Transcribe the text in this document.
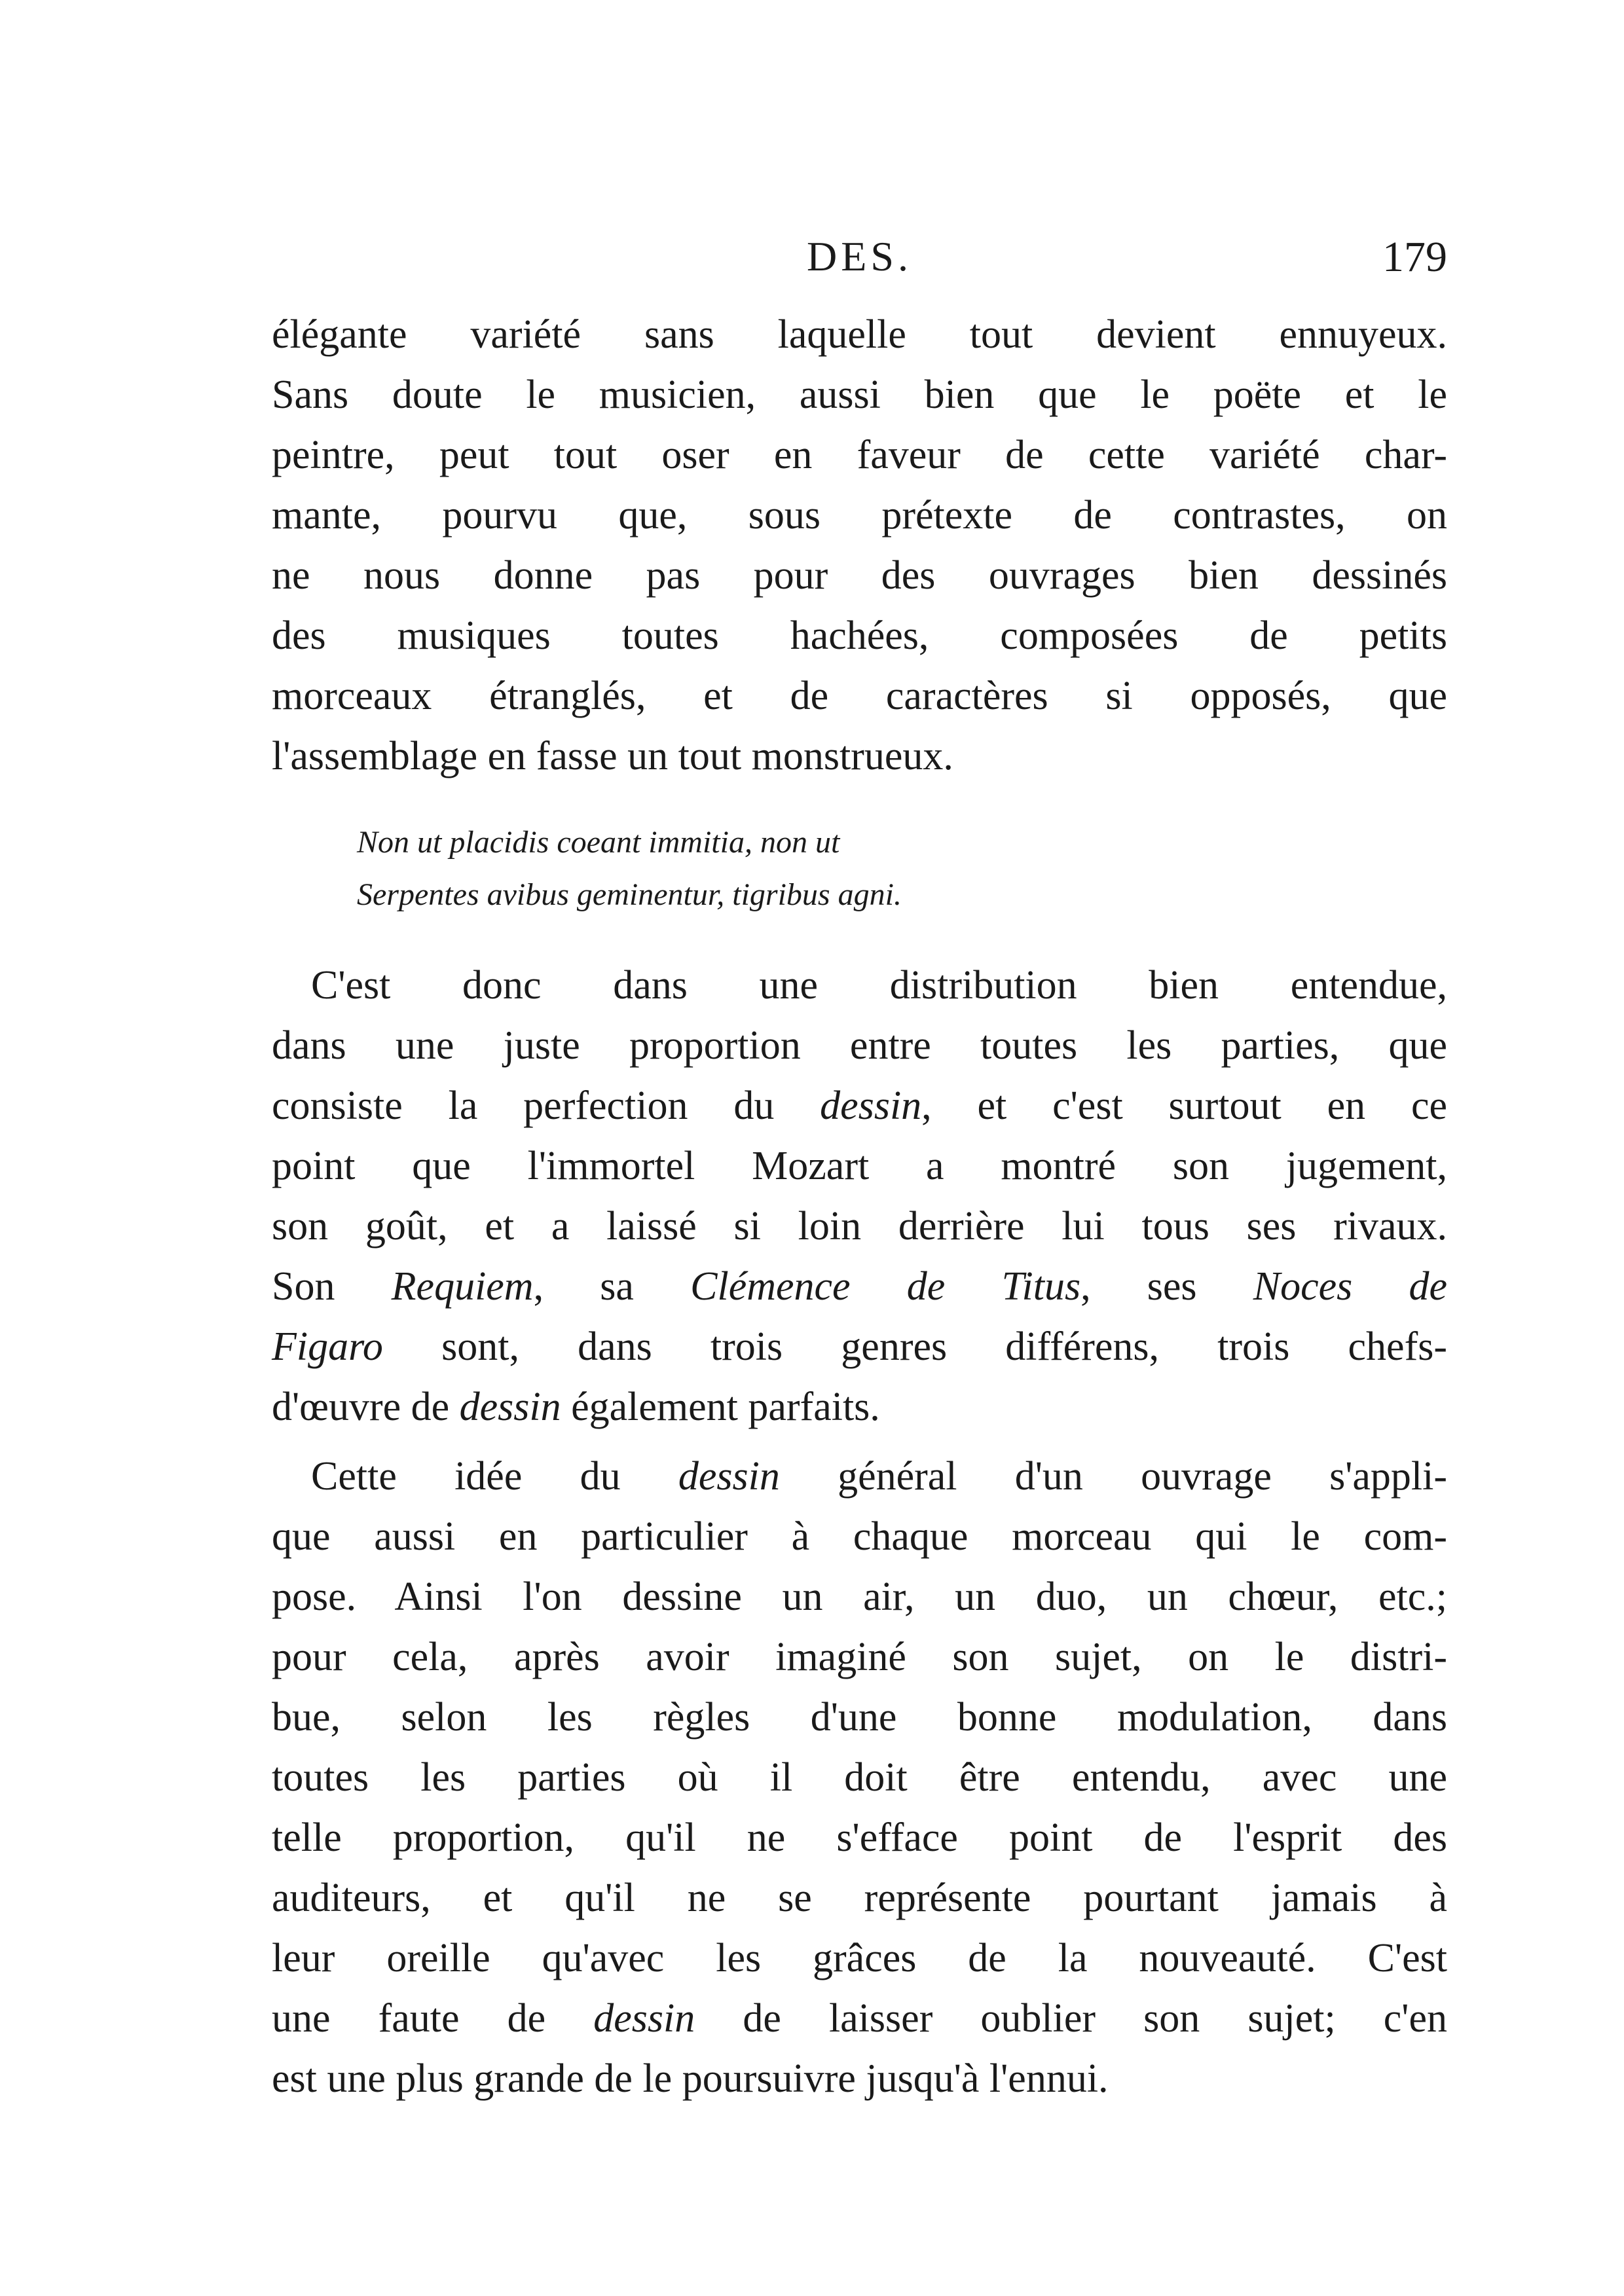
DES.	179
élégante variété sans laquelle tout devient ennuyeux.
Sans doute le musicien, aussi bien que le poëte et le
peintre, peut tout oser en faveur de cette variété char-
mante, pourvu que, sous prétexte de contrastes, on
ne nous donne pas pour des ouvrages bien dessinés
des musiques toutes hachées, composées de petits
morceaux étranglés, et de caractères si opposés, que
l'assemblage en fasse un tout monstrueux.
Non ut placidis coeant immitia, non ut
Serpentes avibus geminentur, tigribus agni.
C'est donc dans une distribution bien entendue,
dans une juste proportion entre toutes les parties, que
consiste la perfection du dessin, et c'est surtout en ce
point que l'immortel Mozart a montré son jugement,
son goût, et a laissé si loin derrière lui tous ses rivaux.
Son Requiem, sa Clémence de Titus, ses Noces de
Figaro sont, dans trois genres différens, trois chefs-
d'œuvre de dessin également parfaits.
Cette idée du dessin général d'un ouvrage s'appli-
que aussi en particulier à chaque morceau qui le com-
pose. Ainsi l'on dessine un air, un duo, un chœur, etc.;
pour cela, après avoir imaginé son sujet, on le distri-
bue, selon les règles d'une bonne modulation, dans
toutes les parties où il doit être entendu, avec une
telle proportion, qu'il ne s'efface point de l'esprit des
auditeurs, et qu'il ne se représente pourtant jamais à
leur oreille qu'avec les grâces de la nouveauté. C'est
une faute de dessin de laisser oublier son sujet; c'en
est une plus grande de le poursuivre jusqu'à l'ennui.
